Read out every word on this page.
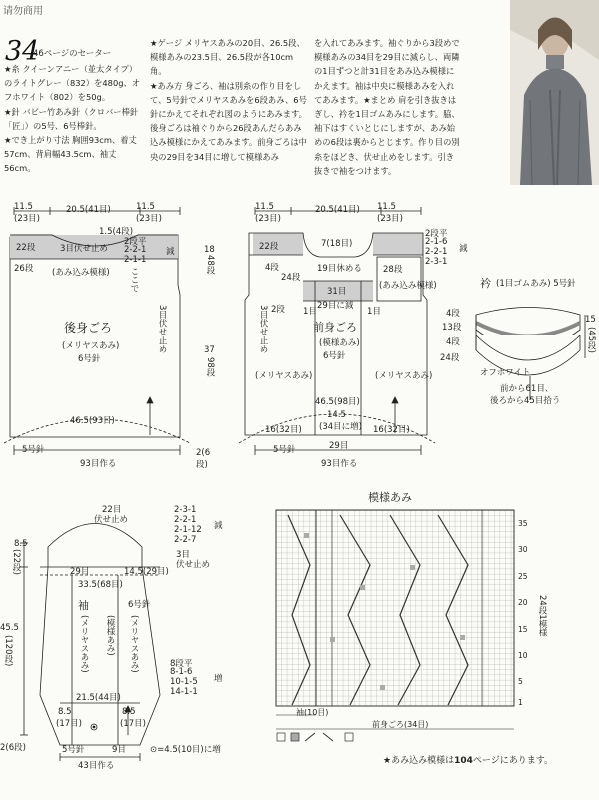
请勿商用
34
46ページのセーター
★糸 クイーンアニー（並太タイプ）のライトグレー（832）を480g、オフホワイト（802）を50g。
★針 バビー竹あみ針（クロバー棒針「匠」）の5号、6号棒針。
★でき上がり寸法 胸囲93cm、着丈57cm、背肩幅43.5cm、袖丈56cm。
★ゲージ メリヤスあみの20目、26.5段、模様あみの23.5目、26.5段が各10cm角。
★あみ方 身ごろ、袖は別糸の作り目をして、5号針でメリヤスあみを6段あみ、6号針にかえてそれぞれ図のようにあみます。後身ごろは袖ぐりから26段あんだらあみ込み模様にかえてあみます。前身ごろは中央の29目を34目に増して模様あみ
を入れてあみます。袖ぐりから3段めで模様あみの34目を29目に減らし、両隣の1目ずつと計31目をあみ込み模様にかえます。袖は中央に模様あみを入れてあみます。★まとめ 肩を引き抜きはぎし、衿を1目ゴムあみにします。脇、袖下はすくいとじにしますが、あみ始めの6段は裏からとじます。作り目の別糸をほどき、伏せ止めをします。引き抜きで袖をつけます。
11.5
(23目)
20.5(41目)	11.5
(23目)
1.5(4段)
22段	3目伏せ止め
26段 (あみ込み模様)
2段平
2-2-1
2-1-1
減
ここで
3目伏せ止め
後身ごろ
(メリヤスあみ)
6号針
46.5(93目)
5号針
93目作る
18
48段
37
98段
2(6段)
11.5
(23目)
20.5(41目) 11.5
(23目)
22段	7(18目)
4段
24段
19目休める 28段
2段
31目
1目	1目
29目に減
(あみ込み模様)
3目伏せ止め	前身ごろ
(模様あみ)
6号針
(メリヤスあみ)	(メリヤスあみ)
46.5(98目)
14.5
(34目に増)
16(32目)	16(32目)
29目
5号針
93目作る
2段平
2-1-6
2-2-1
2-3-1
減
衿 (1目ゴムあみ) 5号針
4段
13段
4段
24段
15
(45段)
オフホワイト
前から61目、
後ろから45目拾う
22目
伏せ止め
8.5
(22段)
2-3-1
2-2-1
2-1-12
2-2-7
減
3目
伏せ止め
29目	14.5(29目)
33.5(68目)
袖	6号針
(メリヤスあみ) (模様あみ) (メリヤスあみ)
45.5
(120段)	8段平
8-1-6
10-1-5
14-1-1
増
21.5(44目)
8.5
(17目)
8.5
(17目)
2(6段)	5号針	9目	⊙=4.5(10目)に増
43目作る
模様あみ
35
30
25
20
15
10
5
1
24段1模様
袖(10目)
前身ごろ(34目)
★あみ込み模様は104ページにあります。
